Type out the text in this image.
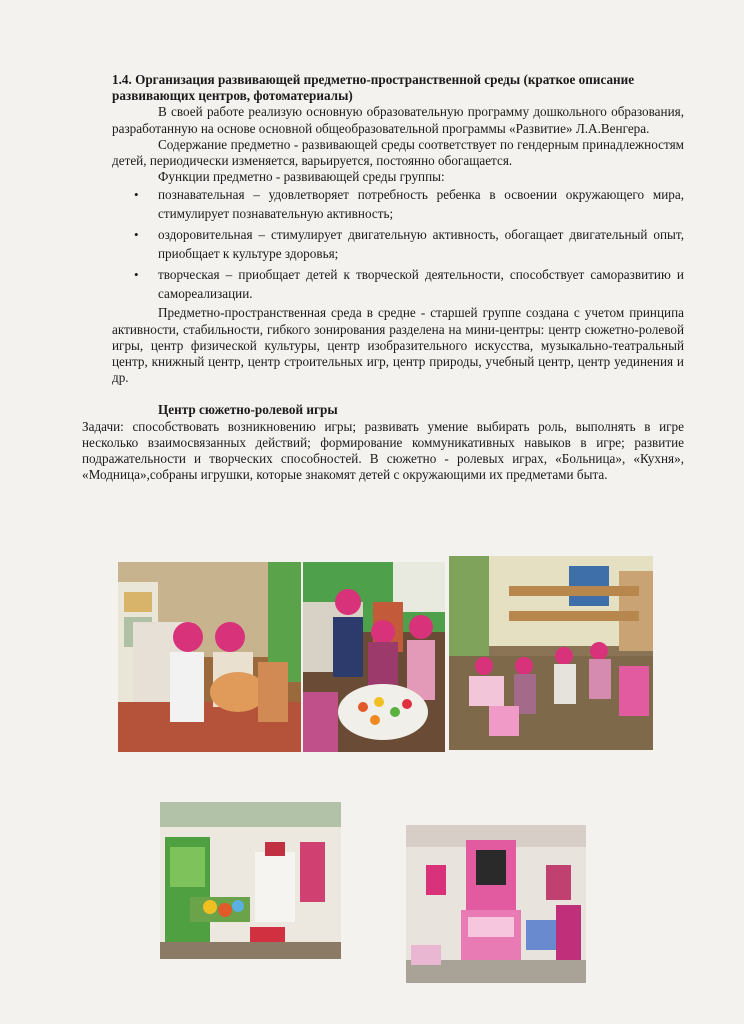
1.4. Организация развивающей предметно-пространственной среды (краткое описание развивающих центров, фотоматериалы)

В своей работе реализую основную образовательную программу дошкольного образования, разработанную на основе основной общеобразовательной программы «Развитие» Л.А.Венгера.

Содержание предметно - развивающей среды соответствует по гендерным принадлежностям детей, периодически изменяется, варьируется, постоянно обогащается.

Функции предметно - развивающей среды группы:

• познавательная – удовлетворяет потребность ребенка в освоении окружающего мира, стимулирует познавательную активность;
• оздоровительная – стимулирует двигательную активность, обогащает двигательный опыт, приобщает к культуре здоровья;
• творческая – приобщает детей к творческой деятельности, способствует саморазвитию и самореализации.

Предметно-пространственная среда в средне - старшей группе создана с учетом принципа активности, стабильности, гибкого зонирования разделена на мини-центры: центр сюжетно-ролевой игры, центр физической культуры, центр изобразительного искусства, музыкально-театральный центр, книжный центр, центр строительных игр, центр природы, учебный центр, центр уединения и др.

Центр сюжетно-ролевой игры

Задачи: способствовать возникновению игры; развивать умение выбирать роль, выполнять в игре несколько взаимосвязанных действий; формирование коммуникативных навыков в игре; развитие подражательности и творческих способностей. В сюжетно - ролевых играх, «Больница», «Кухня», «Модница»,собраны игрушки, которые знакомят детей с окружающими их предметами быта.
